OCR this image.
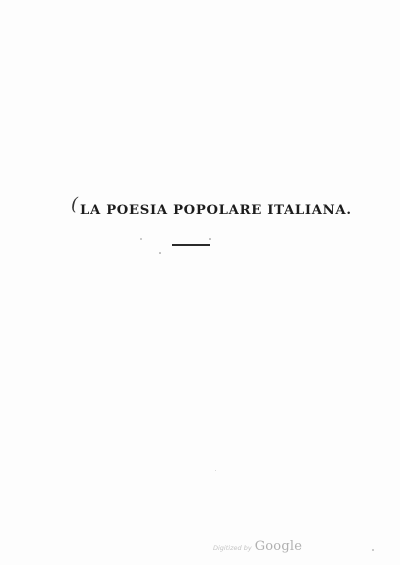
( LA POESIA POPOLARE ITALIANA.
Digitized by Google
